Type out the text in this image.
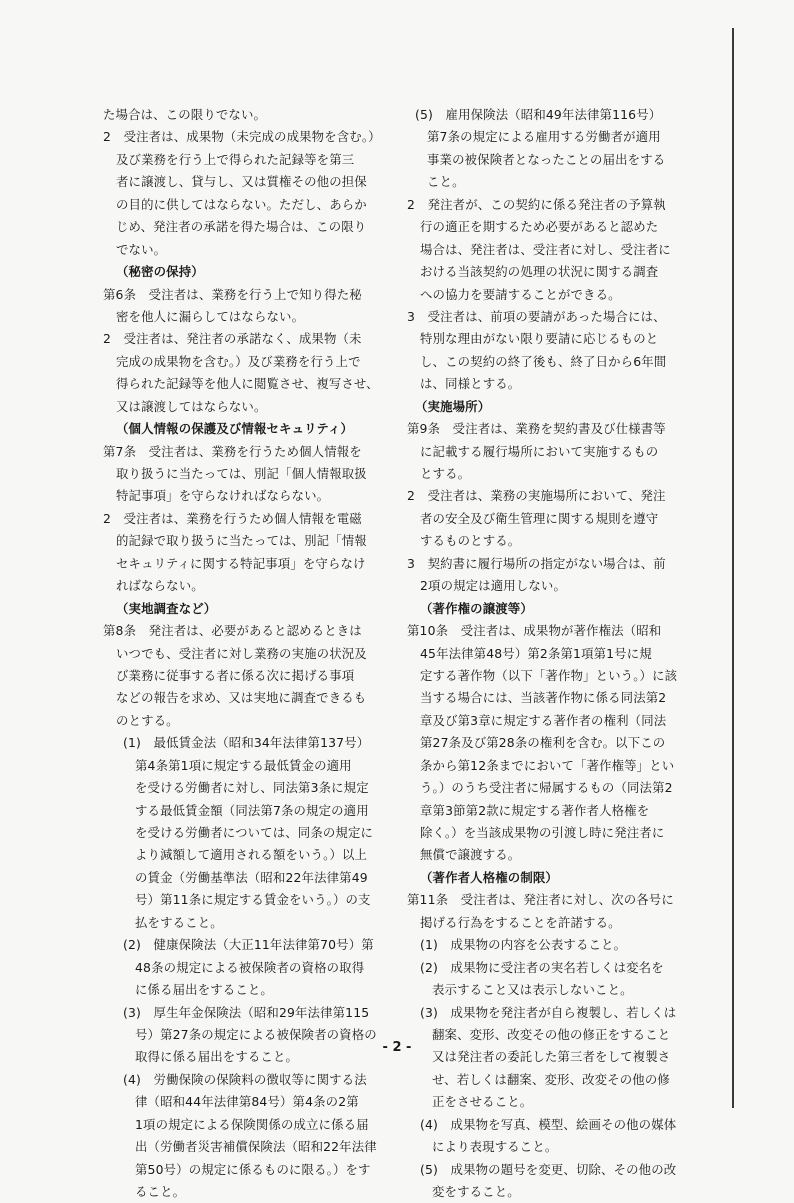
た場合は、この限りでない。
2　受注者は、成果物（未完成の成果物を含む。）
及び業務を行う上で得られた記録等を第三
者に譲渡し、貸与し、又は質権その他の担保
の目的に供してはならない。ただし、あらか
じめ、発注者の承諾を得た場合は、この限り
でない。
（秘密の保持）
第6条　受注者は、業務を行う上で知り得た秘
密を他人に漏らしてはならない。
2　受注者は、発注者の承諾なく、成果物（未
完成の成果物を含む。）及び業務を行う上で
得られた記録等を他人に閲覧させ、複写させ、
又は譲渡してはならない。
（個人情報の保護及び情報セキュリティ）
第7条　受注者は、業務を行うため個人情報を
取り扱うに当たっては、別記「個人情報取扱
特記事項」を守らなければならない。
2　受注者は、業務を行うため個人情報を電磁
的記録で取り扱うに当たっては、別記「情報
セキュリティに関する特記事項」を守らなけ
ればならない。
（実地調査など）
第8条　発注者は、必要があると認めるときは
いつでも、受注者に対し業務の実施の状況及
び業務に従事する者に係る次に掲げる事項
などの報告を求め、又は実地に調査できるも
のとする。
(1)　最低賃金法（昭和34年法律第137号）
第4条第1項に規定する最低賃金の適用
を受ける労働者に対し、同法第3条に規定
する最低賃金額（同法第7条の規定の適用
を受ける労働者については、同条の規定に
より減額して適用される額をいう。）以上
の賃金（労働基準法（昭和22年法律第49
号）第11条に規定する賃金をいう。）の支
払をすること。
(2)　健康保険法（大正11年法律第70号）第
48条の規定による被保険者の資格の取得
に係る届出をすること。
(3)　厚生年金保険法（昭和29年法律第115
号）第27条の規定による被保険者の資格の
取得に係る届出をすること。
(4)　労働保険の保険料の徴収等に関する法
律（昭和44年法律第84号）第4条の2第
1項の規定による保険関係の成立に係る届
出（労働者災害補償保険法（昭和22年法律
第50号）の規定に係るものに限る。）をす
ること。
(5)　雇用保険法（昭和49年法律第116号）
第7条の規定による雇用する労働者が適用
事業の被保険者となったことの届出をする
こと。
2　発注者が、この契約に係る発注者の予算執
行の適正を期するため必要があると認めた
場合は、発注者は、受注者に対し、受注者に
おける当該契約の処理の状況に関する調査
への協力を要請することができる。
3　受注者は、前項の要請があった場合には、
特別な理由がない限り要請に応じるものと
し、この契約の終了後も、終了日から6年間
は、同様とする。
（実施場所）
第9条　受注者は、業務を契約書及び仕様書等
に記載する履行場所において実施するもの
とする。
2　受注者は、業務の実施場所において、発注
者の安全及び衛生管理に関する規則を遵守
するものとする。
3　契約書に履行場所の指定がない場合は、前
2項の規定は適用しない。
（著作権の譲渡等）
第10条　受注者は、成果物が著作権法（昭和
45年法律第48号）第2条第1項第1号に規
定する著作物（以下「著作物」という。）に該
当する場合には、当該著作物に係る同法第2
章及び第3章に規定する著作者の権利（同法
第27条及び第28条の権利を含む。以下この
条から第12条までにおいて「著作権等」とい
う。）のうち受注者に帰属するもの（同法第2
章第3節第2款に規定する著作者人格権を
除く。）を当該成果物の引渡し時に発注者に
無償で譲渡する。
（著作者人格権の制限）
第11条　受注者は、発注者に対し、次の各号に
掲げる行為をすることを許諾する。
(1)　成果物の内容を公表すること。
(2)　成果物に受注者の実名若しくは変名を
表示すること又は表示しないこと。
(3)　成果物を発注者が自ら複製し、若しくは
翻案、変形、改変その他の修正をすること
又は発注者の委託した第三者をして複製さ
せ、若しくは翻案、変形、改変その他の修
正をさせること。
(4)　成果物を写真、模型、絵画その他の媒体
により表現すること。
(5)　成果物の題号を変更、切除、その他の改
変をすること。
- 2 -
